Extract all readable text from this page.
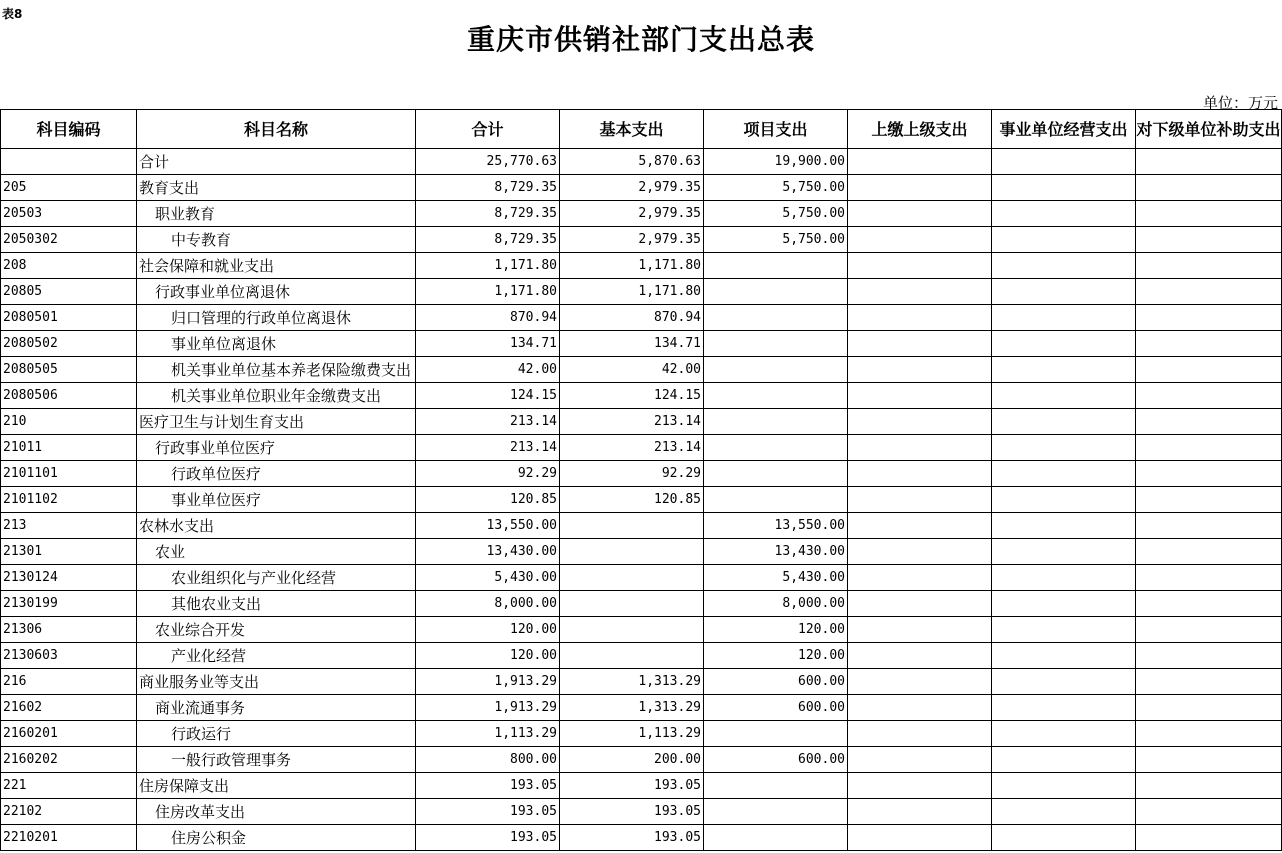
表8
重庆市供销社部门支出总表
单位：万元
科目编码	科目名称	合计	基本支出	项目支出	上缴上级支出	事业单位经营支出	对下级单位补助支出
	合计	25,770.63	5,870.63	19,900.00			
205	教育支出	8,729.35	2,979.35	5,750.00			
20503	职业教育	8,729.35	2,979.35	5,750.00			
2050302	中专教育	8,729.35	2,979.35	5,750.00			
208	社会保障和就业支出	1,171.80	1,171.80				
20805	行政事业单位离退休	1,171.80	1,171.80				
2080501	归口管理的行政单位离退休	870.94	870.94				
2080502	事业单位离退休	134.71	134.71				
2080505	机关事业单位基本养老保险缴费支出	42.00	42.00				
2080506	机关事业单位职业年金缴费支出	124.15	124.15				
210	医疗卫生与计划生育支出	213.14	213.14				
21011	行政事业单位医疗	213.14	213.14				
2101101	行政单位医疗	92.29	92.29				
2101102	事业单位医疗	120.85	120.85				
213	农林水支出	13,550.00		13,550.00			
21301	农业	13,430.00		13,430.00			
2130124	农业组织化与产业化经营	5,430.00		5,430.00			
2130199	其他农业支出	8,000.00		8,000.00			
21306	农业综合开发	120.00		120.00			
2130603	产业化经营	120.00		120.00			
216	商业服务业等支出	1,913.29	1,313.29	600.00			
21602	商业流通事务	1,913.29	1,313.29	600.00			
2160201	行政运行	1,113.29	1,113.29				
2160202	一般行政管理事务	800.00	200.00	600.00			
221	住房保障支出	193.05	193.05				
22102	住房改革支出	193.05	193.05				
2210201	住房公积金	193.05	193.05				
